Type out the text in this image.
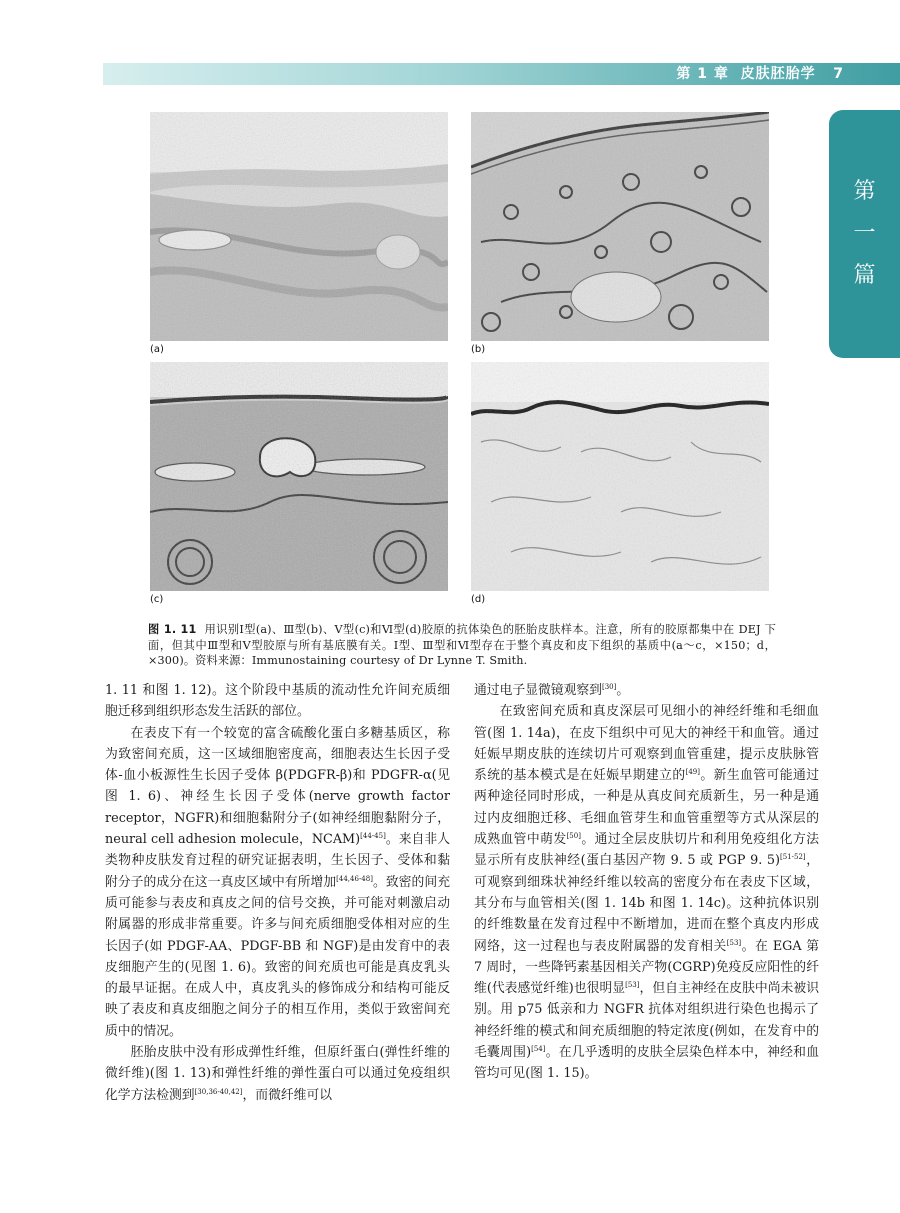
第 1 章 皮肤胚胎学 7
第
一
篇
(a)	(b)
(c)	(d)
图 1. 11 用识别Ⅰ型(a)、Ⅲ型(b)、Ⅴ型(c)和Ⅵ型(d)胶原的抗体染色的胚胎皮肤样本。注意，所有的胶原都集中在 DEJ 下面，但其中Ⅲ型和Ⅴ型胶原与所有基底膜有关。Ⅰ型、Ⅲ型和Ⅵ型存在于整个真皮和皮下组织的基质中(a～c，×150；d，×300)。资料来源：Immunostaining courtesy of Dr Lynne T. Smith.

1. 11 和图 1. 12)。这个阶段中基质的流动性允许间充质细胞迁移到组织形态发生活跃的部位。

在表皮下有一个较宽的富含硫酸化蛋白多糖基质区，称为致密间充质，这一区域细胞密度高，细胞表达生长因子受体-血小板源性生长因子受体 β(PDGFR-β)和 PDGFR-α(见图 1. 6)、神经生长因子受体(nerve growth factor receptor，NGFR)和细胞黏附分子(如神经细胞黏附分子，neural cell adhesion molecule，NCAM)[44-45]。来自非人类物种皮肤发育过程的研究证据表明，生长因子、受体和黏附分子的成分在这一真皮区域中有所增加[44,46-48]。致密的间充质可能参与表皮和真皮之间的信号交换，并可能对刺激启动附属器的形成非常重要。许多与间充质细胞受体相对应的生长因子(如 PDGF-AA、PDGF-BB 和 NGF)是由发育中的表皮细胞产生的(见图 1. 6)。致密的间充质也可能是真皮乳头的最早证据。在成人中，真皮乳头的修饰成分和结构可能反映了表皮和真皮细胞之间分子的相互作用，类似于致密间充质中的情况。

胚胎皮肤中没有形成弹性纤维，但原纤蛋白(弹性纤维的微纤维)(图 1. 13)和弹性纤维的弹性蛋白可以通过免疫组织化学方法检测到[30,36-40,42]，而微纤维可以

通过电子显微镜观察到[30]。

在致密间充质和真皮深层可见细小的神经纤维和毛细血管(图 1. 14a)，在皮下组织中可见大的神经干和血管。通过妊娠早期皮肤的连续切片可观察到血管重建，提示皮肤脉管系统的基本模式是在妊娠早期建立的[49]。新生血管可能通过两种途径同时形成，一种是从真皮间充质新生，另一种是通过内皮细胞迁移、毛细血管芽生和血管重塑等方式从深层的成熟血管中萌发[50]。通过全层皮肤切片和利用免疫组化方法显示所有皮肤神经(蛋白基因产物 9. 5 或 PGP 9. 5)[51-52]，可观察到细珠状神经纤维以较高的密度分布在表皮下区域，其分布与血管相关(图 1. 14b 和图 1. 14c)。这种抗体识别的纤维数量在发育过程中不断增加，进而在整个真皮内形成网络，这一过程也与表皮附属器的发育相关[53]。在 EGA 第 7 周时，一些降钙素基因相关产物(CGRP)免疫反应阳性的纤维(代表感觉纤维)也很明显[53]，但自主神经在皮肤中尚未被识别。用 p75 低亲和力 NGFR 抗体对组织进行染色也揭示了神经纤维的模式和间充质细胞的特定浓度(例如，在发育中的毛囊周围)[54]。在几乎透明的皮肤全层染色样本中，神经和血管均可见(图 1. 15)。
